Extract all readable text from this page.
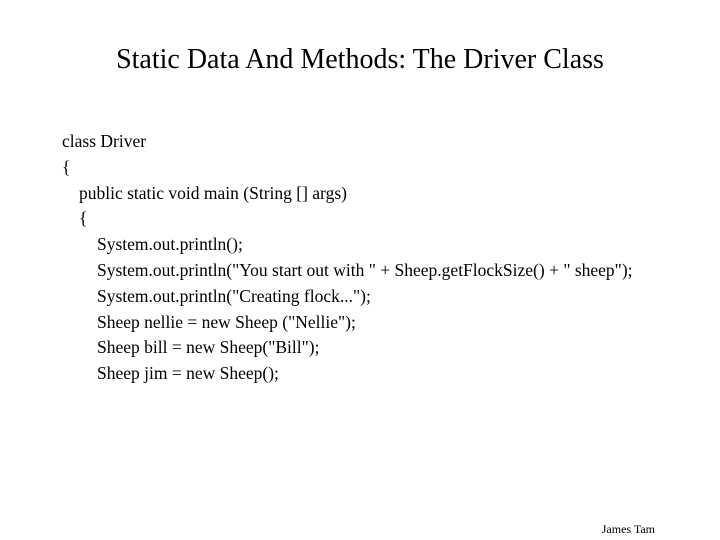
Static Data And Methods: The Driver Class
class Driver
{
public static void main (String [] args)
{
System.out.println();
System.out.println("You start out with " + Sheep.getFlockSize() + " sheep");
System.out.println("Creating flock...");
Sheep nellie = new Sheep ("Nellie");
Sheep bill = new Sheep("Bill");
Sheep jim = new Sheep();
James Tam
